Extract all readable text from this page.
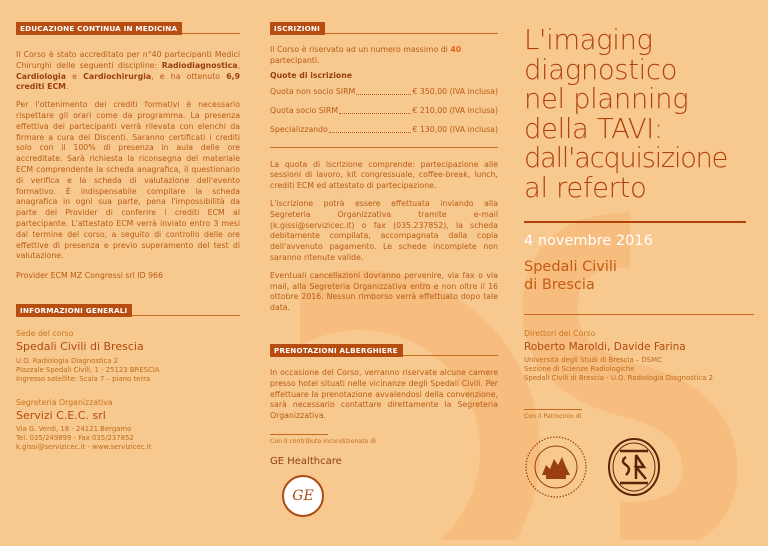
EDUCAZIONE CONTINUA IN MEDICINA

Il Corso è stato accreditato per n°40 partecipanti Medici Chirurghi delle seguenti discipline: Radiodiagnostica, Cardiologia e Cardiochirurgia, e ha ottenuto 6,9 crediti ECM.

Per l'ottenimento dei crediti formativi è necessario rispettare gli orari come da programma. La presenza effettiva dei partecipanti verrà rilevata con elenchi da firmare a cura dei Discenti. Saranno certificati i crediti solo con il 100% di presenza in aula delle ore accreditate. Sarà richiesta la riconsegna del materiale ECM comprendente la scheda anagrafica, il questionario di verifica e la scheda di valutazione dell'evento formativo. È indispensabile compilare la scheda anagrafica in ogni sua parte, pena l'impossibilità da parte del Provider di conferire i crediti ECM al partecipante. L'attestato ECM verrà inviato entro 3 mesi dal termine del corso, a seguito di controllo delle ore effettive di presenza e previo superamento del test di valutazione.

Provider ECM MZ Congressi srl ID 966

INFORMAZIONI GENERALI
Sede del corso
Spedali Civili di Brescia
U.O. Radiologia Diagnostica 2
Piazzale Spedali Civili, 1 - 25123 BRESCIA
Ingresso satellite: Scala 7 – piano terra
Segreteria Organizzativa
Servizi C.E.C. srl
Via G. Verdi, 18 - 24121 Bergamo
Tel. 035/249899 - Fax 035/237852
k.gissi@servizicec.it - www.servizicec.it
ISCRIZIONI

Il Corso è riservato ad un numero massimo di 40 partecipanti.

Quote di iscrizione
Quota non socio SIRM	€ 350,00 (IVA inclusa)
Quota socio SIRM	€ 210,00 (IVA inclusa)
Specializzando	€ 130,00 (IVA inclusa)

La quota di iscrizione comprende: partecipazione alle sessioni di lavoro, kit congressuale, coffee-break, lunch, crediti ECM ed attestato di partecipazione.

L'iscrizione potrà essere effettuata inviando alla Segreteria Organizzativa tramite e-mail (k.gissi@servizicec.it) o fax (035.237852), la scheda debitamente compilata, accompagnata dalla copia dell'avvenuto pagamento. Le schede incomplete non saranno ritenute valide.

Eventuali cancellazioni dovranno pervenire, via fax o via mail, alla Segreteria Organizzativa entro e non oltre il 16 ottobre 2016. Nessun rimborso verrà effettuato dopo tale data.

PRENOTAZIONI ALBERGHIERE

In occasione del Corso, verranno riservate alcune camere presso hotel situati nelle vicinanze degli Spedali Civili. Per effettuare la prenotazione avvalendosi della convenzione, sarà necessario contattare direttamente la Segreteria Organizzativa.

Con il contributo incondizionato di
GE Healthcare
GE
L'imaging
diagnostico
nel planning
della TAVI:
dall'acquisizione
al referto
4 novembre 2016
Spedali Civili
di Brescia
Direttori del Corso
Roberto Maroldi, Davide Farina
Università degli Studi di Brescia – DSMC
Sezione di Scienze Radiologiche
Spedali Civili di Brescia - U.O. Radiologia Diagnostica 2
Con il Patrocinio di
